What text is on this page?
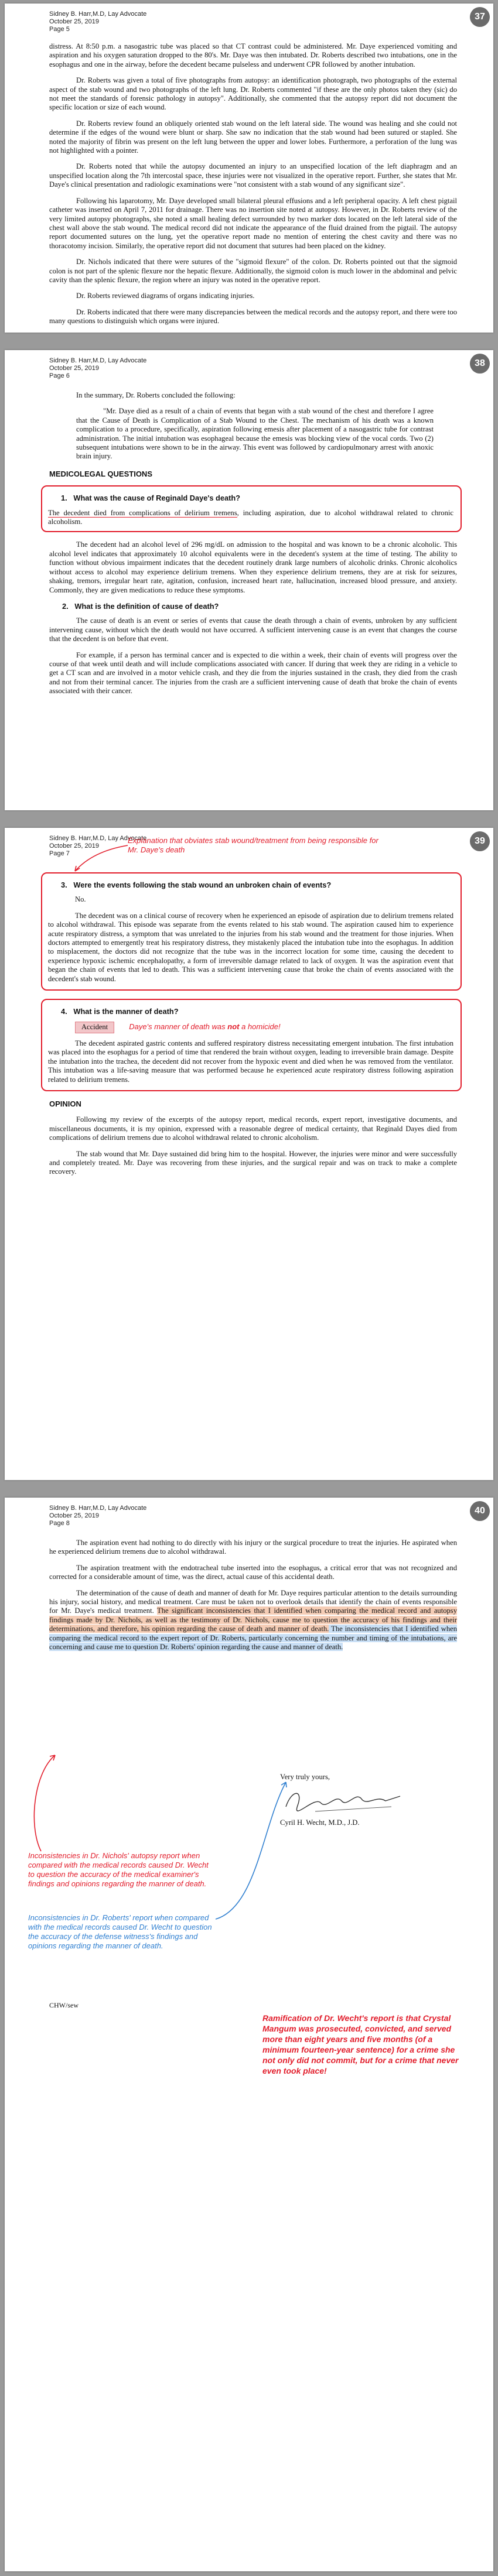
37
Sidney B. Harr,M.D, Lay Advocate
October 25, 2019
Page 5

distress. At 8:50 p.m. a nasogastric tube was placed so that CT contrast could be administered. Mr. Daye experienced vomiting and aspiration and his oxygen saturation dropped to the 80's. Mr. Daye was then intubated. Dr. Roberts described two intubations, one in the esophagus and one in the airway, before the decedent became pulseless and underwent CPR followed by another intubation.

Dr. Roberts was given a total of five photographs from autopsy: an identification photograph, two photographs of the external aspect of the stab wound and two photographs of the left lung. Dr. Roberts commented "if these are the only photos taken they (sic) do not meet the standards of forensic pathology in autopsy". Additionally, she commented that the autopsy report did not document the specific location or size of each wound.

Dr. Roberts review found an obliquely oriented stab wound on the left lateral side. The wound was healing and she could not determine if the edges of the wound were blunt or sharp. She saw no indication that the stab wound had been sutured or stapled. She noted the majority of fibrin was present on the left lung between the upper and lower lobes. Furthermore, a perforation of the lung was not highlighted with a pointer.

Dr. Roberts noted that while the autopsy documented an injury to an unspecified location of the left diaphragm and an unspecified location along the 7th intercostal space, these injuries were not visualized in the operative report. Further, she states that Mr. Daye's clinical presentation and radiologic examinations were "not consistent with a stab wound of any significant size".

Following his laparotomy, Mr. Daye developed small bilateral pleural effusions and a left peripheral opacity. A left chest pigtail catheter was inserted on April 7, 2011 for drainage. There was no insertion site noted at autopsy. However, in Dr. Roberts review of the very limited autopsy photographs, she noted a small healing defect surrounded by two marker dots located on the left lateral side of the chest wall above the stab wound. The medical record did not indicate the appearance of the fluid drained from the pigtail. The autopsy report documented sutures on the lung, yet the operative report made no mention of entering the chest cavity and there was no thoracotomy incision. Similarly, the operative report did not document that sutures had been placed on the kidney.

Dr. Nichols indicated that there were sutures of the "sigmoid flexure" of the colon. Dr. Roberts pointed out that the sigmoid colon is not part of the splenic flexure nor the hepatic flexure. Additionally, the sigmoid colon is much lower in the abdominal and pelvic cavity than the splenic flexure, the region where an injury was noted in the operative report.

Dr. Roberts reviewed diagrams of organs indicating injuries.

Dr. Roberts indicated that there were many discrepancies between the medical records and the autopsy report, and there were too many questions to distinguish which organs were injured.

38
Sidney B. Harr,M.D, Lay Advocate
October 25, 2019
Page 6

In the summary, Dr. Roberts concluded the following:

"Mr. Daye died as a result of a chain of events that began with a stab wound of the chest and therefore I agree that the Cause of Death is Complication of a Stab Wound to the Chest. The mechanism of his death was a known complication to a procedure, specifically, aspiration following emesis after placement of a nasogastric tube for contrast administration. The initial intubation was esophageal because the emesis was blocking view of the vocal cords. Two (2) subsequent intubations were shown to be in the airway. This event was followed by cardiopulmonary arrest with anoxic brain injury.

MEDICOLEGAL QUESTIONS
1. What was the cause of Reginald Daye's death?

The decedent died from complications of delirium tremens, including aspiration, due to alcohol withdrawal related to chronic alcoholism.

The decedent had an alcohol level of 296 mg/dL on admission to the hospital and was known to be a chronic alcoholic. This alcohol level indicates that approximately 10 alcohol equivalents were in the decedent's system at the time of testing. The ability to function without obvious impairment indicates that the decedent routinely drank large numbers of alcoholic drinks. Chronic alcoholics without access to alcohol may experience delirium tremens. When they experience delirium tremens, they are at risk for seizures, shaking, tremors, irregular heart rate, agitation, confusion, increased heart rate, hallucination, increased blood pressure, and anxiety. Commonly, they are given medications to reduce these symptoms.

2. What is the definition of cause of death?

The cause of death is an event or series of events that cause the death through a chain of events, unbroken by any sufficient intervening cause, without which the death would not have occurred. A sufficient intervening cause is an event that changes the course that the decedent is on before that event.

For example, if a person has terminal cancer and is expected to die within a week, their chain of events will progress over the course of that week until death and will include complications associated with cancer. If during that week they are riding in a vehicle to get a CT scan and are involved in a motor vehicle crash, and they die from the injuries sustained in the crash, they died from the crash and not from their terminal cancer. The injuries from the crash are a sufficient intervening cause of death that broke the chain of events associated with their cancer.

39
Sidney B. Harr,M.D, Lay Advocate
October 25, 2019
Page 7
Explanation that obviates stab wound/treatment from being responsible for Mr. Daye's death
3. Were the events following the stab wound an unbroken chain of events?

No.

The decedent was on a clinical course of recovery when he experienced an episode of aspiration due to delirium tremens related to alcohol withdrawal. This episode was separate from the events related to his stab wound. The aspiration caused him to experience acute respiratory distress, a symptom that was unrelated to the injuries from his stab wound and the treatment for those injuries. When doctors attempted to emergently treat his respiratory distress, they mistakenly placed the intubation tube into the esophagus. In addition to misplacement, the doctors did not recognize that the tube was in the incorrect location for some time, causing the decedent to experience hypoxic ischemic encephalopathy, a form of irreversible damage related to lack of oxygen. It was the aspiration event that began the chain of events that led to death. This was a sufficient intervening cause that broke the chain of events associated with the decedent's stab wound.

4. What is the manner of death?
Accident	Daye's manner of death was not a homicide!

The decedent aspirated gastric contents and suffered respiratory distress necessitating emergent intubation. The first intubation was placed into the esophagus for a period of time that rendered the brain without oxygen, leading to irreversible brain damage. Despite the intubation into the trachea, the decedent did not recover from the hypoxic event and died when he was removed from the ventilator. This intubation was a life-saving measure that was performed because he experienced acute respiratory distress following aspiration related to delirium tremens.

OPINION

Following my review of the excerpts of the autopsy report, medical records, expert report, investigative documents, and miscellaneous documents, it is my opinion, expressed with a reasonable degree of medical certainty, that Reginald Dayes died from complications of delirium tremens due to alcohol withdrawal related to chronic alcoholism.

The stab wound that Mr. Daye sustained did bring him to the hospital. However, the injuries were minor and were successfully and completely treated. Mr. Daye was recovering from these injuries, and the surgical repair and was on track to make a complete recovery.

40
Sidney B. Harr,M.D, Lay Advocate
October 25, 2019
Page 8

The aspiration event had nothing to do directly with his injury or the surgical procedure to treat the injuries. He aspirated when he experienced delirium tremens due to alcohol withdrawal.

The aspiration treatment with the endotracheal tube inserted into the esophagus, a critical error that was not recognized and corrected for a considerable amount of time, was the direct, actual cause of this accidental death.

The determination of the cause of death and manner of death for Mr. Daye requires particular attention to the details surrounding his injury, social history, and medical treatment. Care must be taken not to overlook details that identify the chain of events responsible for Mr. Daye's medical treatment. The significant inconsistencies that I identified when comparing the medical record and autopsy findings made by Dr. Nichols, as well as the testimony of Dr. Nichols, cause me to question the accuracy of his findings and their determinations, and therefore, his opinion regarding the cause of death and manner of death. The inconsistencies that I identified when comparing the medical record to the expert report of Dr. Roberts, particularly concerning the number and timing of the intubations, are concerning and cause me to question Dr. Roberts' opinion regarding the cause and manner of death.

Very truly yours,
Cyril H. Wecht, M.D., J.D.
Inconsistencies in Dr. Nichols' autopsy report when compared with the medical records caused Dr. Wecht to question the accuracy of the medical examiner's findings and opinions regarding the manner of death.
Inconsistencies in Dr. Roberts' report when compared with the medical records caused Dr. Wecht to question the accuracy of the defense witness's findings and opinions regarding the manner of death.
CHW/sew
Ramification of Dr. Wecht's report is that Crystal Mangum was prosecuted, convicted, and served more than eight years and five months (of a minimum fourteen-year sentence) for a crime she not only did not commit, but for a crime that never even took place!
